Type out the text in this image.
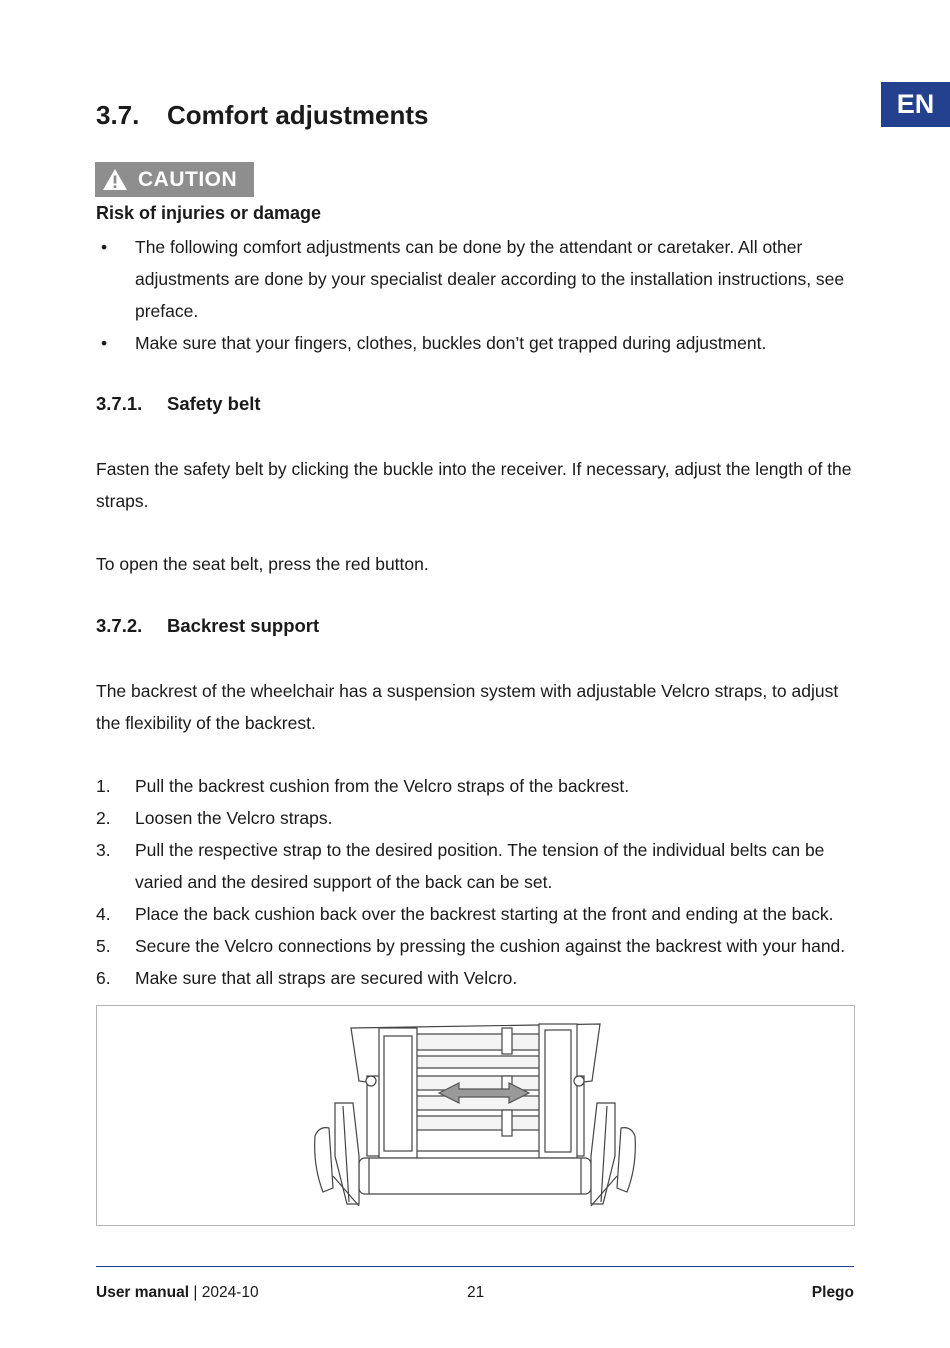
EN
3.7. Comfort adjustments
CAUTION
Risk of injuries or damage
• The following comfort adjustments can be done by the attendant or caretaker. All other
adjustments are done by your specialist dealer according to the installation instructions, see
preface.
• Make sure that your fingers, clothes, buckles don’t get trapped during adjustment.
3.7.1. Safety belt
Fasten the safety belt by clicking the buckle into the receiver. If necessary, adjust the length of the
straps.
To open the seat belt, press the red button.
3.7.2. Backrest support
The backrest of the wheelchair has a suspension system with adjustable Velcro straps, to adjust
the flexibility of the backrest.
1. Pull the backrest cushion from the Velcro straps of the backrest.
2. Loosen the Velcro straps.
3. Pull the respective strap to the desired position. The tension of the individual belts can be
varied and the desired support of the back can be set.
4. Place the back cushion back over the backrest starting at the front and ending at the back.
5. Secure the Velcro connections by pressing the cushion against the backrest with your hand.
6. Make sure that all straps are secured with Velcro.
User manual | 2024-10	21	Plego
